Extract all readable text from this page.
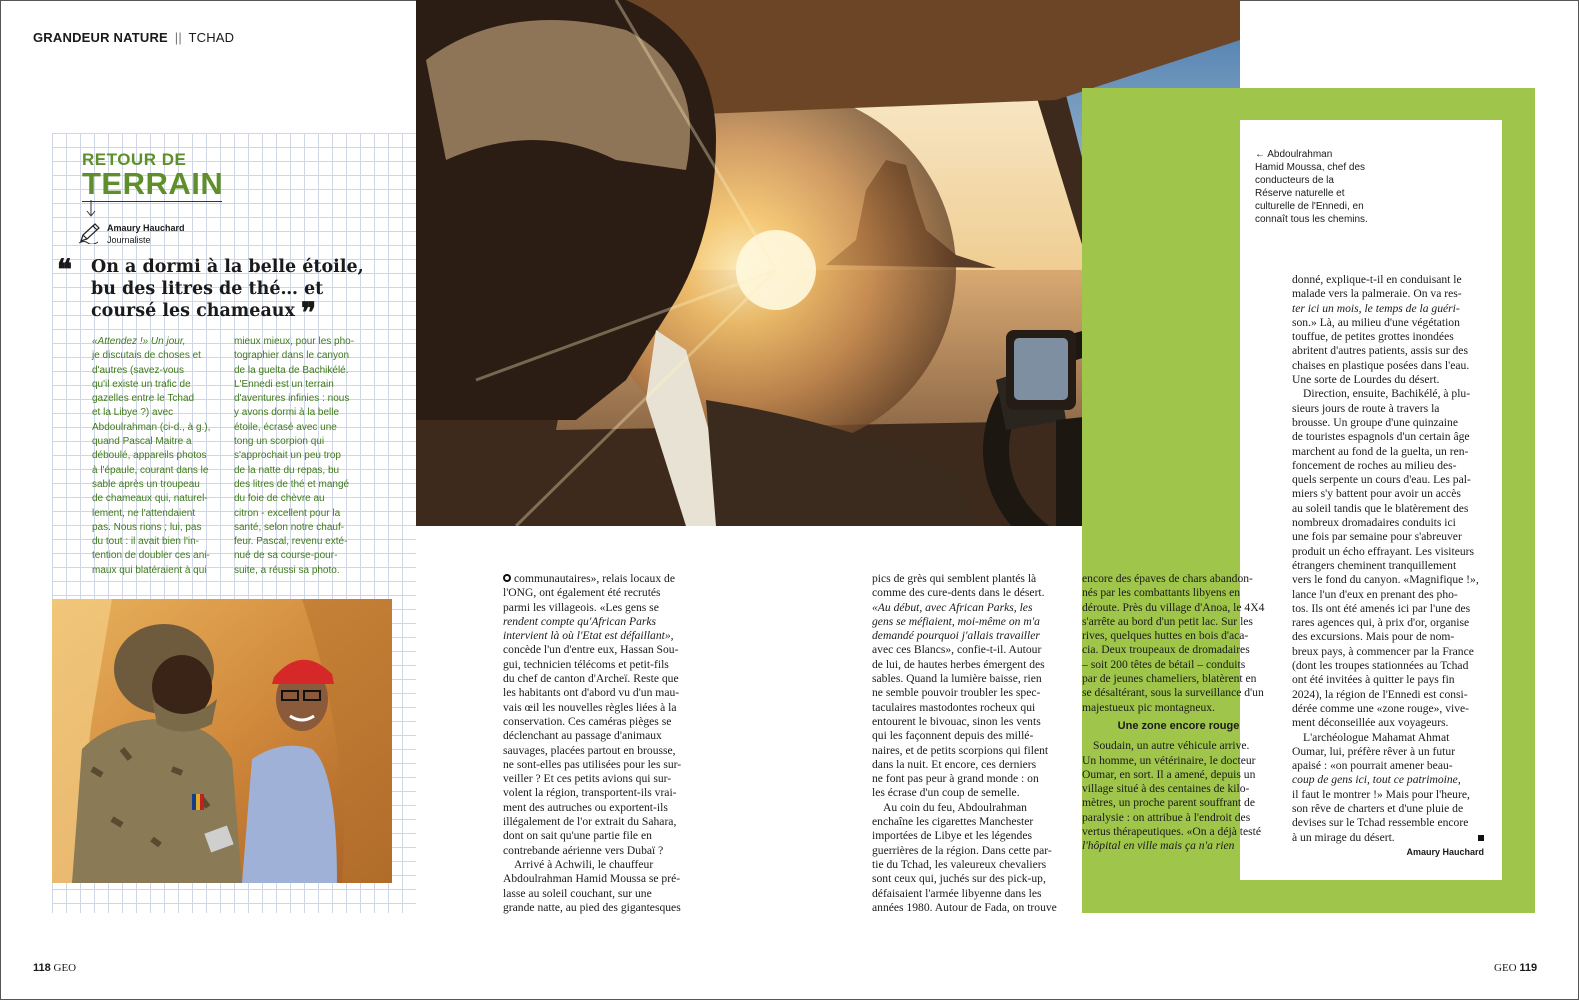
GRANDEUR NATURE || TCHAD
RETOUR DE
TERRAIN
Amaury Hauchard
Journaliste
❝ On a dormi à la belle étoile,
bu des litres de thé… et
coursé les chameaux ❞
«Attendez !» Un jour,
je discutais de choses et
d'autres (savez-vous
qu'il existe un trafic de
gazelles entre le Tchad
et la Libye ?) avec
Abdoulrahman (ci-d., à g.),
quand Pascal Maitre a
déboulé, appareils photos
à l'épaule, courant dans le
sable après un troupeau
de chameaux qui, naturel-
lement, ne l'attendaient
pas. Nous rions ; lui, pas
du tout : il avait bien l'in-
tention de doubler ces ani-
maux qui blatéraient à qui
mieux mieux, pour les pho-
tographier dans le canyon
de la guelta de Bachikélé.
L'Ennedi est un terrain
d'aventures infinies : nous
y avons dormi à la belle
étoile, écrasé avec une
tong un scorpion qui
s'approchait un peu trop
de la natte du repas, bu
des litres de thé et mangé
du foie de chèvre au
citron - excellent pour la
santé, selon notre chauf-
feur. Pascal, revenu exté-
nué de sa course-pour-
suite, a réussi sa photo.
← Abdoulrahman
Hamid Moussa, chef des
conducteurs de la
Réserve naturelle et
culturelle de l'Ennedi, en
connaît tous les chemins.
communautaires», relais locaux de
l'ONG, ont également été recrutés
parmi les villageois. «Les gens se
rendent compte qu'African Parks
intervient là où l'Etat est défaillant»,
concède l'un d'entre eux, Hassan Sou-
gui, technicien télécoms et petit-fils
du chef de canton d'Archeï. Reste que
les habitants ont d'abord vu d'un mau-
vais œil les nouvelles règles liées à la
conservation. Ces caméras pièges se
déclenchant au passage d'animaux
sauvages, placées partout en brousse,
ne sont-elles pas utilisées pour les sur-
veiller ? Et ces petits avions qui sur-
volent la région, transportent-ils vrai-
ment des autruches ou exportent-ils
illégalement de l'or extrait du Sahara,
dont on sait qu'une partie file en
contrebande aérienne vers Dubaï ?
Arrivé à Achwili, le chauffeur
Abdoulrahman Hamid Moussa se pré-
lasse au soleil couchant, sur une
grande natte, au pied des gigantesques
pics de grès qui semblent plantés là
comme des cure-dents dans le désert.
«Au début, avec African Parks, les
gens se méfiaient, moi-même on m'a
demandé pourquoi j'allais travailler
avec ces Blancs», confie-t-il. Autour
de lui, de hautes herbes émergent des
sables. Quand la lumière baisse, rien
ne semble pouvoir troubler les spec-
taculaires mastodontes rocheux qui
entourent le bivouac, sinon les vents
qui les façonnent depuis des millé-
naires, et de petits scorpions qui filent
dans la nuit. Et encore, ces derniers
ne font pas peur à grand monde : on
les écrase d'un coup de semelle.
Au coin du feu, Abdoulrahman
enchaîne les cigarettes Manchester
importées de Libye et les légendes
guerrières de la région. Dans cette par-
tie du Tchad, les valeureux chevaliers
sont ceux qui, juchés sur des pick-up,
défaisaient l'armée libyenne dans les
années 1980. Autour de Fada, on trouve
encore des épaves de chars abandon-
nés par les combattants libyens en
déroute. Près du village d'Anoa, le 4X4
s'arrête au bord d'un petit lac. Sur les
rives, quelques huttes en bois d'aca-
cia. Deux troupeaux de dromadaires
– soit 200 têtes de bétail – conduits
par de jeunes chameliers, blatèrent en
se désaltérant, sous la surveillance d'un
majestueux pic montagneux.
Une zone encore rouge
Soudain, un autre véhicule arrive.
Un homme, un vétérinaire, le docteur
Oumar, en sort. Il a amené, depuis un
village situé à des centaines de kilo-
mètres, un proche parent souffrant de
paralysie : on attribue à l'endroit des
vertus thérapeutiques. «On a déjà testé
l'hôpital en ville mais ça n'a rien
donné, explique-t-il en conduisant le
malade vers la palmeraie. On va res-
ter ici un mois, le temps de la guéri-
son.» Là, au milieu d'une végétation
touffue, de petites grottes inondées
abritent d'autres patients, assis sur des
chaises en plastique posées dans l'eau.
Une sorte de Lourdes du désert.
Direction, ensuite, Bachikélé, à plu-
sieurs jours de route à travers la
brousse. Un groupe d'une quinzaine
de touristes espagnols d'un certain âge
marchent au fond de la guelta, un ren-
foncement de roches au milieu des-
quels serpente un cours d'eau. Les pal-
miers s'y battent pour avoir un accès
au soleil tandis que le blatèrement des
nombreux dromadaires conduits ici
une fois par semaine pour s'abreuver
produit un écho effrayant. Les visiteurs
étrangers cheminent tranquillement
vers le fond du canyon. «Magnifique !»,
lance l'un d'eux en prenant des pho-
tos. Ils ont été amenés ici par l'une des
rares agences qui, à prix d'or, organise
des excursions. Mais pour de nom-
breux pays, à commencer par la France
(dont les troupes stationnées au Tchad
ont été invitées à quitter le pays fin
2024), la région de l'Ennedi est consi-
dérée comme une «zone rouge», vive-
ment déconseillée aux voyageurs.
L'archéologue Mahamat Ahmat
Oumar, lui, préfère rêver à un futur
apaisé : «on pourrait amener beau-
coup de gens ici, tout ce patrimoine,
il faut le montrer !» Mais pour l'heure,
son rêve de charters et d'une pluie de
devises sur le Tchad ressemble encore
à un mirage du désert.
Amaury Hauchard
118 GEO	GEO 119
